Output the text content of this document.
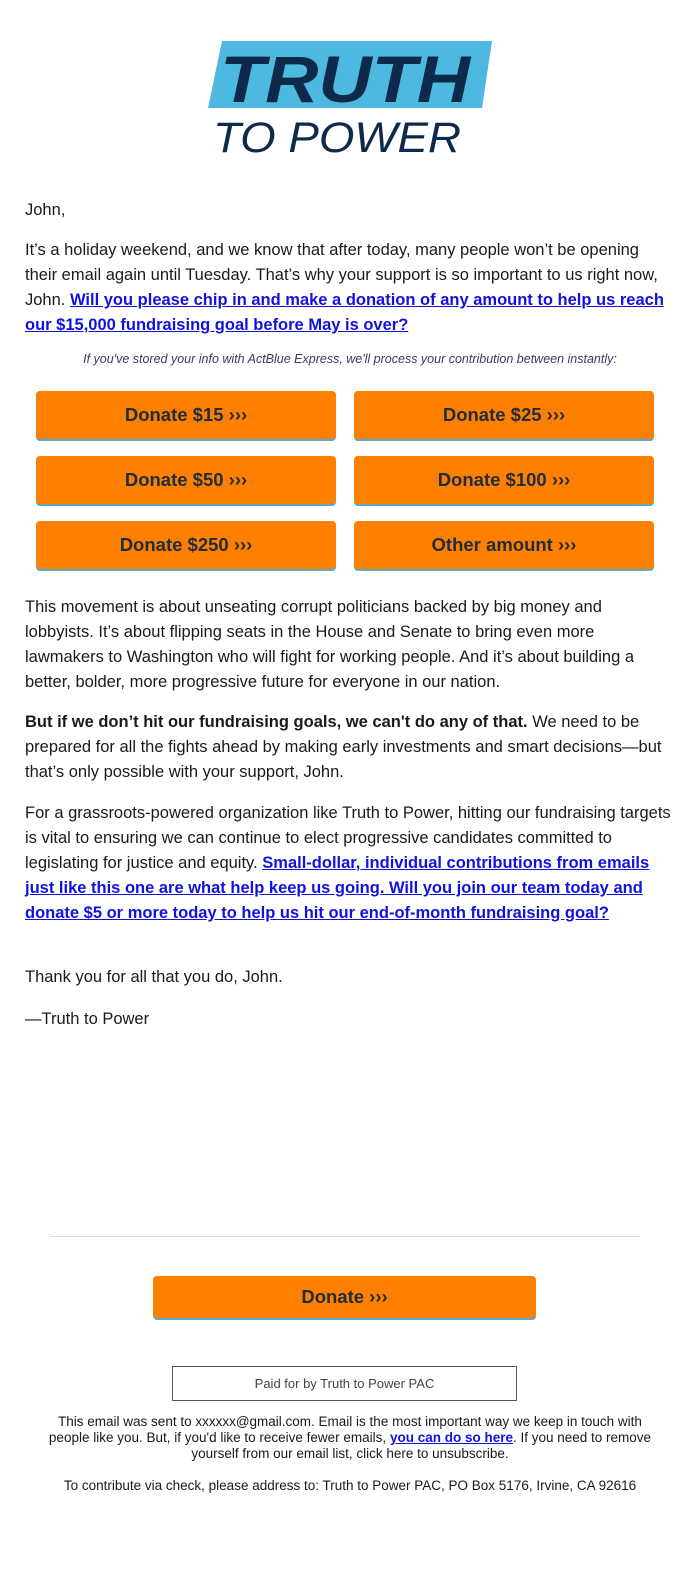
TRUTH
TO POWER

John,

It’s a holiday weekend, and we know that after today, many people won’t be opening their email again until Tuesday. That’s why your support is so important to us right now, John. Will you please chip in and make a donation of any amount to help us reach our $15,000 fundraising goal before May is over?

If you've stored your info with ActBlue Express, we'll process your contribution between instantly:
Donate $15 ›››	Donate $25 ›››
Donate $50 ›››	Donate $100 ›››
Donate $250 ›››	Other amount ›››

This movement is about unseating corrupt politicians backed by big money and lobbyists. It’s about flipping seats in the House and Senate to bring even more lawmakers to Washington who will fight for working people. And it’s about building a better, bolder, more progressive future for everyone in our nation.

But if we don’t hit our fundraising goals, we can't do any of that. We need to be prepared for all the fights ahead by making early investments and smart decisions—but that’s only possible with your support, John.

For a grassroots-powered organization like Truth to Power, hitting our fundraising targets is vital to ensuring we can continue to elect progressive candidates committed to legislating for justice and equity. Small-dollar, individual contributions from emails just like this one are what help keep us going. Will you join our team today and donate $5 or more today to help us hit our end-of-month fundraising goal?

Thank you for all that you do, John.

—Truth to Power

Donate ›››
Paid for by Truth to Power PAC

This email was sent to xxxxxx@gmail.com. Email is the most important way we keep in touch with people like you. But, if you'd like to receive fewer emails, you can do so here. If you need to remove yourself from our email list, click here to unsubscribe.

To contribute via check, please address to: Truth to Power PAC, PO Box 5176, Irvine, CA 92616
